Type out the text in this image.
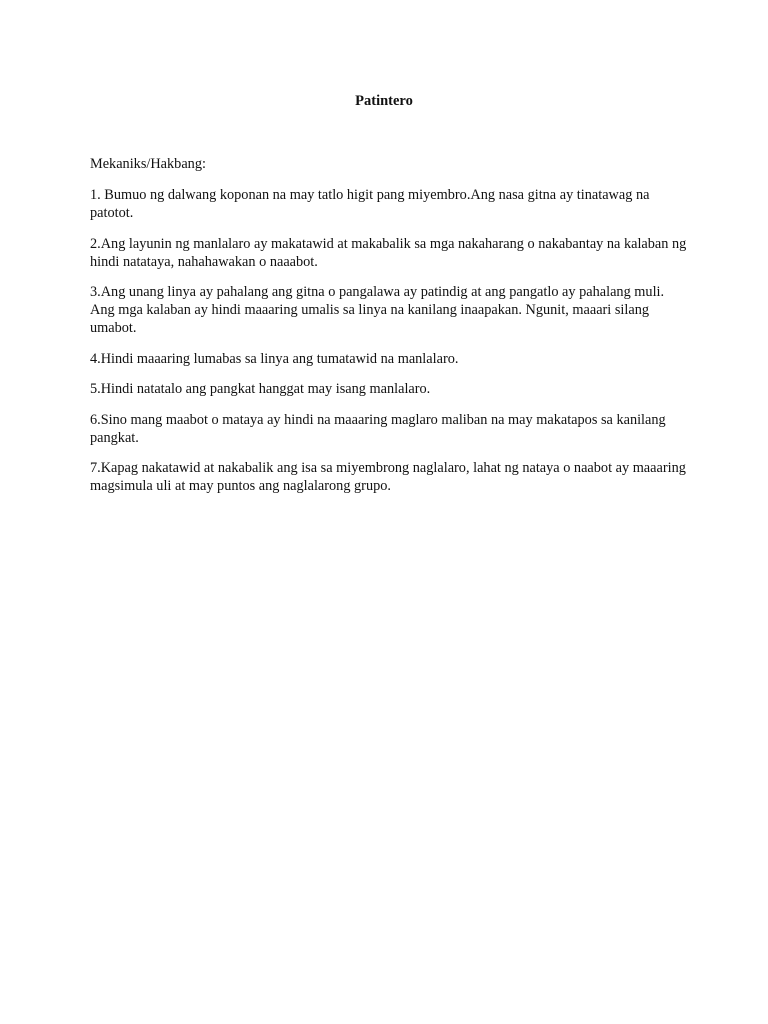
Patintero

Mekaniks/Hakbang:

1. Bumuo ng dalwang koponan na may tatlo higit pang miyembro.Ang nasa gitna ay tinatawag na patotot.

2.Ang layunin ng manlalaro ay makatawid at makabalik sa mga nakaharang o nakabantay na kalaban ng hindi natataya, nahahawakan o naaabot.

3.Ang unang linya ay pahalang ang gitna o pangalawa ay patindig at ang pangatlo ay pahalang muli. Ang mga kalaban ay hindi maaaring umalis sa linya na kanilang inaapakan. Ngunit, maaari silang umabot.

4.Hindi maaaring lumabas sa linya ang tumatawid na manlalaro.

5.Hindi natatalo ang pangkat hanggat may isang manlalaro.

6.Sino mang maabot o mataya ay hindi na maaaring maglaro maliban na may makatapos sa kanilang pangkat.

7.Kapag nakatawid at nakabalik ang isa sa miyembrong naglalaro, lahat ng nataya o naabot ay maaaring magsimula uli at may puntos ang naglalarong grupo.
